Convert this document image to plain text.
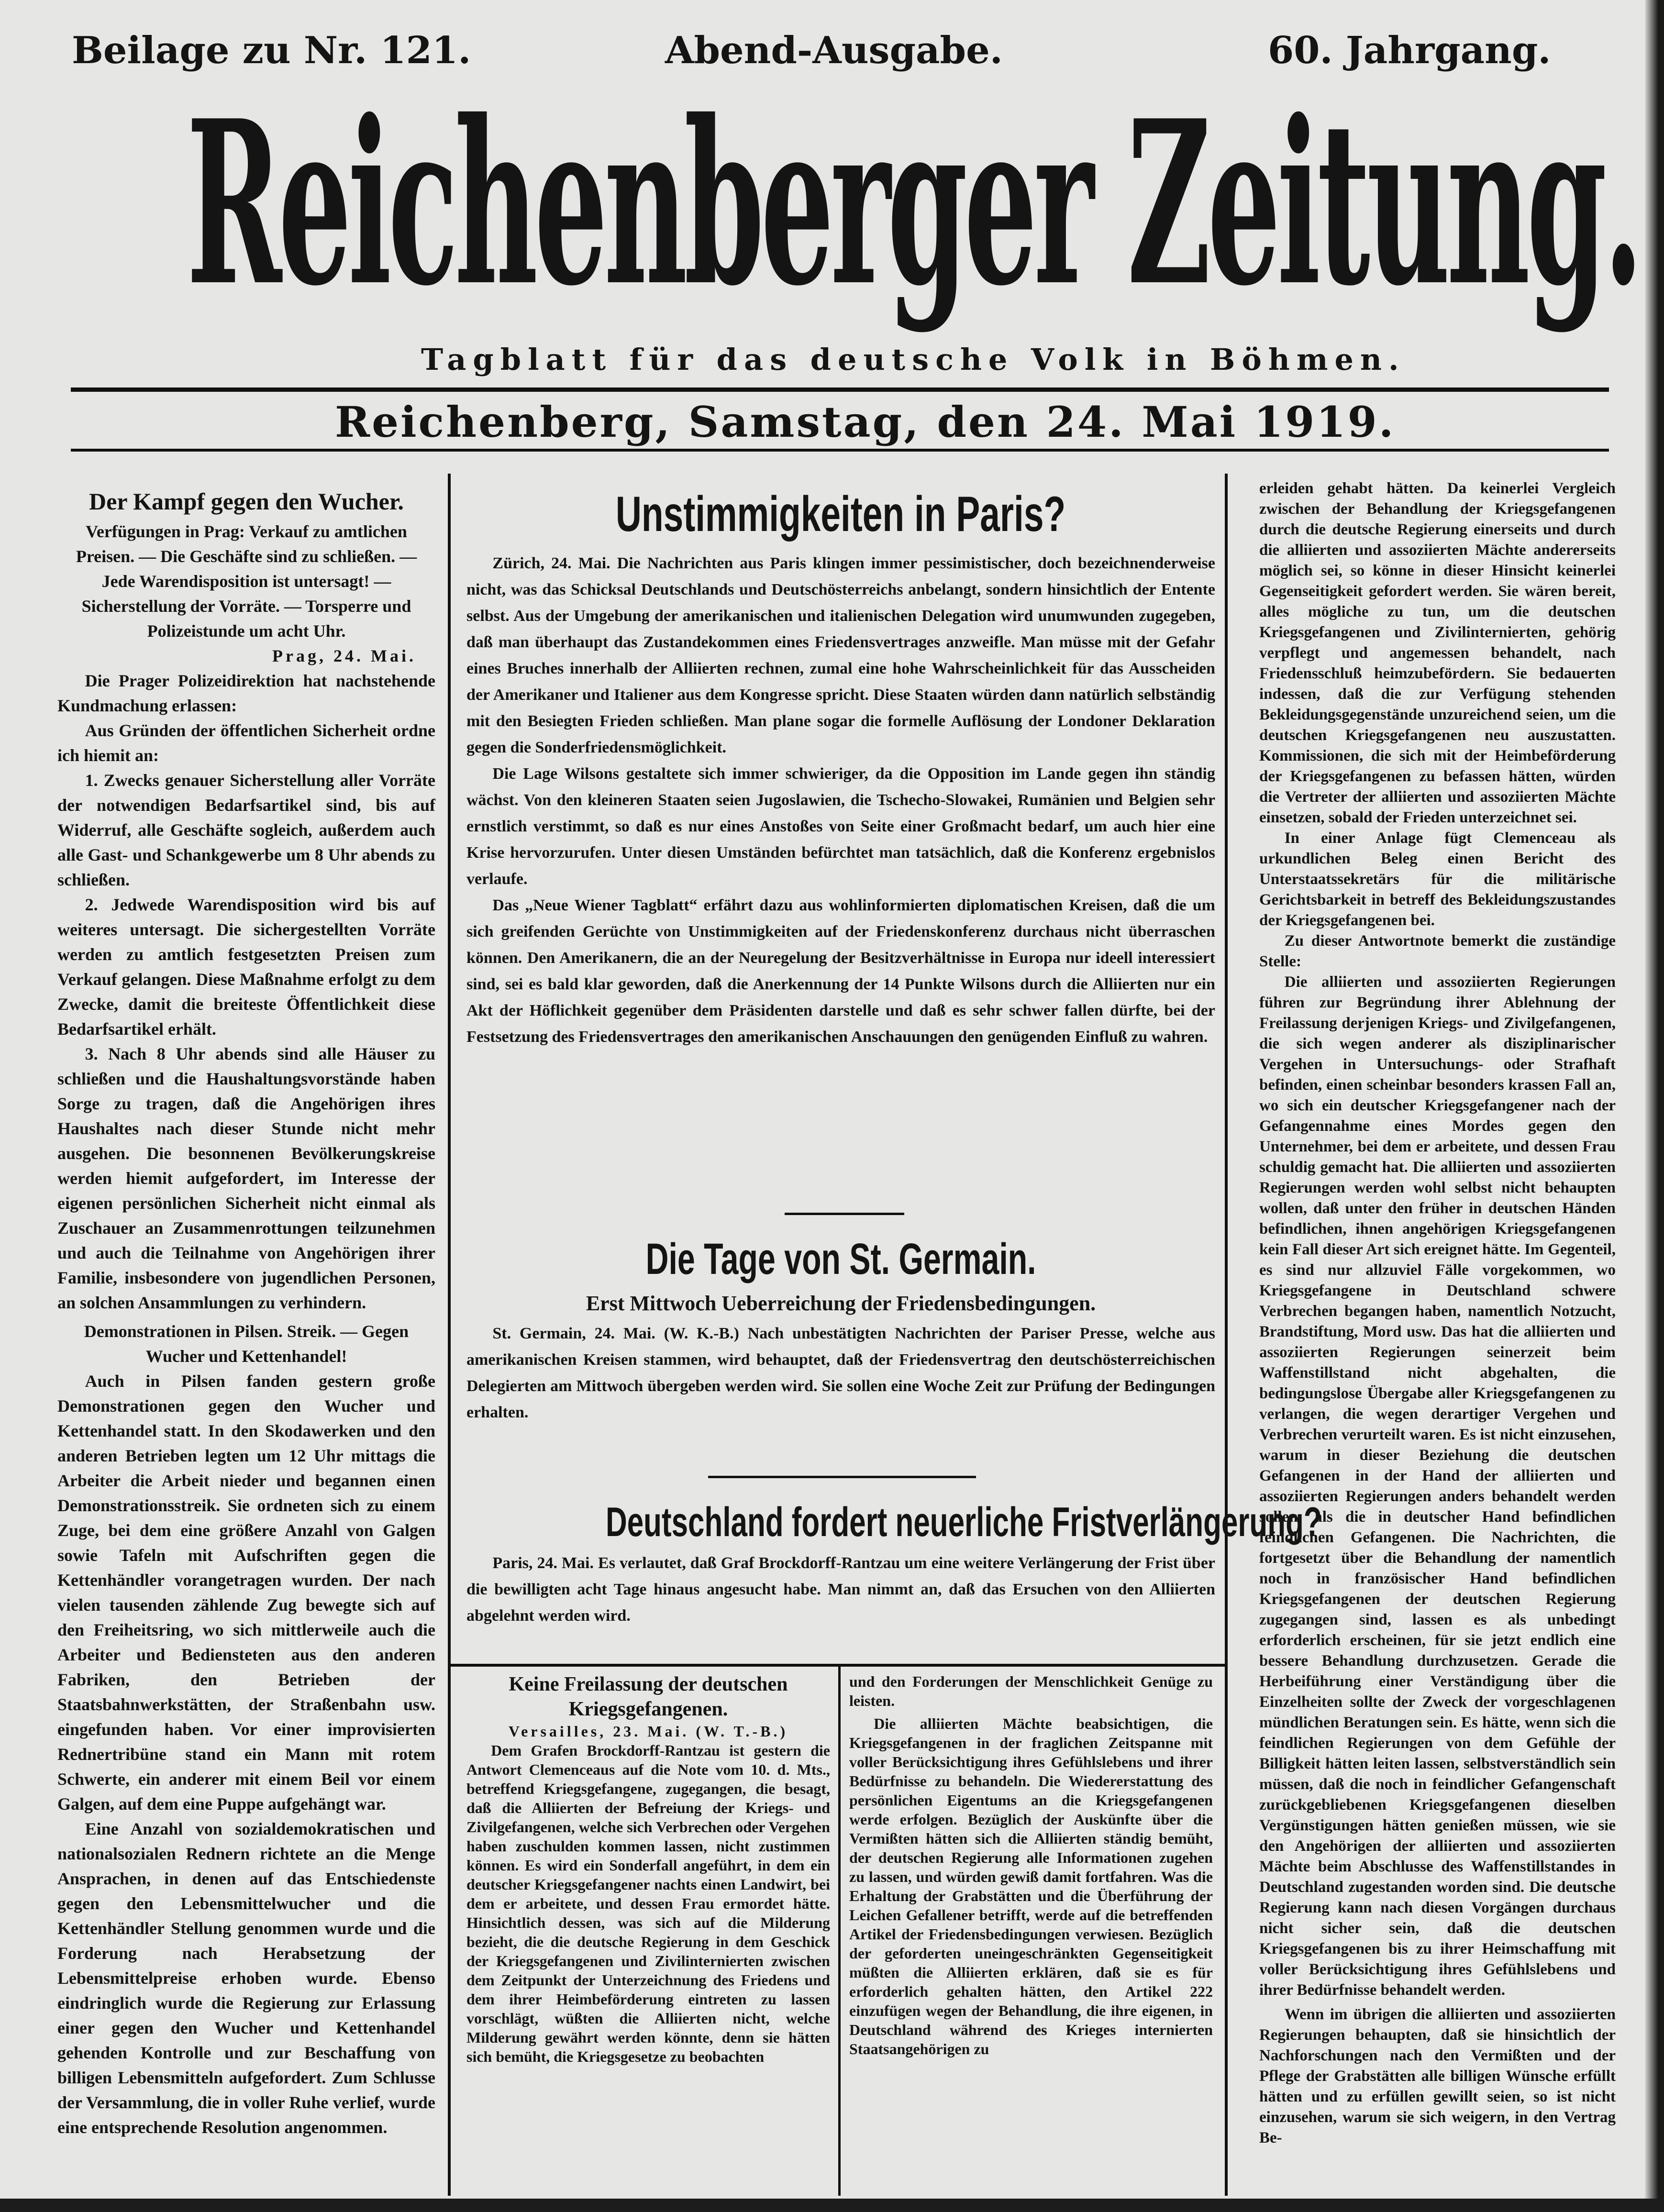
Beilage zu Nr. 121.	Abend-Ausgabe.	60. Jahrgang.
Reichenberger Zeitung.
Tagblatt für das deutsche Volk in Böhmen.
Reichenberg, Samstag, den 24. Mai 1919.

Der Kampf gegen den Wucher.

Verfügungen in Prag: Verkauf zu amtlichen Preisen. — Die Geschäfte sind zu schließen. — Jede Warendisposition ist untersagt! — Sicherstellung der Vorräte. — Torsperre und Polizeistunde um acht Uhr.

Prag, 24. Mai.

Die Prager Polizeidirektion hat nachstehende Kundmachung erlassen:

Aus Gründen der öffentlichen Sicherheit ordne ich hiemit an:

1. Zwecks genauer Sicherstellung aller Vorräte der notwendigen Bedarfsartikel sind, bis auf Widerruf, alle Geschäfte sogleich, außerdem auch alle Gast- und Schankgewerbe um 8 Uhr abends zu schließen.

2. Jedwede Warendisposition wird bis auf weiteres untersagt. Die sichergestellten Vorräte werden zu amtlich festgesetzten Preisen zum Verkauf gelangen. Diese Maßnahme erfolgt zu dem Zwecke, damit die breiteste Öffentlichkeit diese Bedarfsartikel erhält.

3. Nach 8 Uhr abends sind alle Häuser zu schließen und die Haushaltungsvorstände haben Sorge zu tragen, daß die Angehörigen ihres Haushaltes nach dieser Stunde nicht mehr ausgehen. Die besonnenen Bevölkerungskreise werden hiemit aufgefordert, im Interesse der eigenen persönlichen Sicherheit nicht einmal als Zuschauer an Zusammenrottungen teilzunehmen und auch die Teilnahme von Angehörigen ihrer Familie, insbesondere von jugendlichen Personen, an solchen Ansammlungen zu verhindern.

Demonstrationen in Pilsen. Streik. — Gegen Wucher und Kettenhandel!

Auch in Pilsen fanden gestern große Demonstrationen gegen den Wucher und Kettenhandel statt. In den Skodawerken und den anderen Betrieben legten um 12 Uhr mittags die Arbeiter die Arbeit nieder und begannen einen Demonstrationsstreik. Sie ordneten sich zu einem Zuge, bei dem eine größere Anzahl von Galgen sowie Tafeln mit Aufschriften gegen die Kettenhändler vorangetragen wurden. Der nach vielen tausenden zählende Zug bewegte sich auf den Freiheitsring, wo sich mittlerweile auch die Arbeiter und Bediensteten aus den anderen Fabriken, den Betrieben der Staatsbahnwerkstätten, der Straßenbahn usw. eingefunden haben. Vor einer improvisierten Rednertribüne stand ein Mann mit rotem Schwerte, ein anderer mit einem Beil vor einem Galgen, auf dem eine Puppe aufgehängt war.

Eine Anzahl von sozialdemokratischen und nationalsozialen Rednern richtete an die Menge Ansprachen, in denen auf das Entschiedenste gegen den Lebensmittelwucher und die Kettenhändler Stellung genommen wurde und die Forderung nach Herabsetzung der Lebensmittelpreise erhoben wurde. Ebenso eindringlich wurde die Regierung zur Erlassung einer gegen den Wucher und Kettenhandel gehenden Kontrolle und zur Beschaffung von billigen Lebensmitteln aufgefordert. Zum Schlusse der Versammlung, die in voller Ruhe verlief, wurde eine entsprechende Resolution angenommen.

Unstimmigkeiten in Paris?

Zürich, 24. Mai. Die Nachrichten aus Paris klingen immer pessimistischer, doch bezeichnenderweise nicht, was das Schicksal Deutschlands und Deutschösterreichs anbelangt, sondern hinsichtlich der Entente selbst. Aus der Umgebung der amerikanischen und italienischen Delegation wird unumwunden zugegeben, daß man überhaupt das Zustandekommen eines Friedensvertrages anzweifle. Man müsse mit der Gefahr eines Bruches innerhalb der Alliierten rechnen, zumal eine hohe Wahrscheinlichkeit für das Ausscheiden der Amerikaner und Italiener aus dem Kongresse spricht. Diese Staaten würden dann natürlich selbständig mit den Besiegten Frieden schließen. Man plane sogar die formelle Auflösung der Londoner Deklaration gegen die Sonderfriedensmöglichkeit.

Die Lage Wilsons gestaltete sich immer schwieriger, da die Opposition im Lande gegen ihn ständig wächst. Von den kleineren Staaten seien Jugoslawien, die Tschecho-Slowakei, Rumänien und Belgien sehr ernstlich verstimmt, so daß es nur eines Anstoßes von Seite einer Großmacht bedarf, um auch hier eine Krise hervorzurufen. Unter diesen Umständen befürchtet man tatsächlich, daß die Konferenz ergebnislos verlaufe.

Das „Neue Wiener Tagblatt“ erfährt dazu aus wohlinformierten diplomatischen Kreisen, daß die um sich greifenden Gerüchte von Unstimmigkeiten auf der Friedenskonferenz durchaus nicht überraschen können. Den Amerikanern, die an der Neuregelung der Besitzverhältnisse in Europa nur ideell interessiert sind, sei es bald klar geworden, daß die Anerkennung der 14 Punkte Wilsons durch die Alliierten nur ein Akt der Höflichkeit gegenüber dem Präsidenten darstelle und daß es sehr schwer fallen dürfte, bei der Festsetzung des Friedensvertrages den amerikanischen Anschauungen den genügenden Einfluß zu wahren.

Die Tage von St. Germain.

Erst Mittwoch Ueberreichung der Friedensbedingungen.

St. Germain, 24. Mai. (W. K.-B.) Nach unbestätigten Nachrichten der Pariser Presse, welche aus amerikanischen Kreisen stammen, wird behauptet, daß der Friedensvertrag den deutschösterreichischen Delegierten am Mittwoch übergeben werden wird. Sie sollen eine Woche Zeit zur Prüfung der Bedingungen erhalten.

Deutschland fordert neuerliche Fristverlängerung?

Paris, 24. Mai. Es verlautet, daß Graf Brockdorff-Rantzau um eine weitere Verlängerung der Frist über die bewilligten acht Tage hinaus angesucht habe. Man nimmt an, daß das Ersuchen von den Alliierten abgelehnt werden wird.

Keine Freilassung der deutschen Kriegsgefangenen.

Versailles, 23. Mai. (W. T.-B.)

Dem Grafen Brockdorff-Rantzau ist gestern die Antwort Clemenceaus auf die Note vom 10. d. Mts., betreffend Kriegsgefangene, zugegangen, die besagt, daß die Alliierten der Befreiung der Kriegs- und Zivilgefangenen, welche sich Verbrechen oder Vergehen haben zuschulden kommen lassen, nicht zustimmen können. Es wird ein Sonderfall angeführt, in dem ein deutscher Kriegsgefangener nachts einen Landwirt, bei dem er arbeitete, und dessen Frau ermordet hätte. Hinsichtlich dessen, was sich auf die Milderung bezieht, die die deutsche Regierung in dem Geschick der Kriegsgefangenen und Zivilinternierten zwischen dem Zeitpunkt der Unterzeichnung des Friedens und dem ihrer Heimbeförderung eintreten zu lassen vorschlägt, wüßten die Alliierten nicht, welche Milderung gewährt werden könnte, denn sie hätten sich bemüht, die Kriegsgesetze zu beobachten

und den Forderungen der Menschlichkeit Genüge zu leisten.

Die alliierten Mächte beabsichtigen, die Kriegsgefangenen in der fraglichen Zeitspanne mit voller Berücksichtigung ihres Gefühlslebens und ihrer Bedürfnisse zu behandeln. Die Wiedererstattung des persönlichen Eigentums an die Kriegsgefangenen werde erfolgen. Bezüglich der Auskünfte über die Vermißten hätten sich die Alliierten ständig bemüht, der deutschen Regierung alle Informationen zugehen zu lassen, und würden gewiß damit fortfahren. Was die Erhaltung der Grabstätten und die Überführung der Leichen Gefallener betrifft, werde auf die betreffenden Artikel der Friedensbedingungen verwiesen. Bezüglich der geforderten uneingeschränkten Gegenseitigkeit müßten die Alliierten erklären, daß sie es für erforderlich gehalten hätten, den Artikel 222 einzufügen wegen der Behandlung, die ihre eigenen, in Deutschland während des Krieges internierten Staatsangehörigen zu

erleiden gehabt hätten. Da keinerlei Vergleich zwischen der Behandlung der Kriegsgefangenen durch die deutsche Regierung einerseits und durch die alliierten und assoziierten Mächte andererseits möglich sei, so könne in dieser Hinsicht keinerlei Gegenseitigkeit gefordert werden. Sie wären bereit, alles mögliche zu tun, um die deutschen Kriegsgefangenen und Zivilinternierten, gehörig verpflegt und angemessen behandelt, nach Friedensschluß heimzubefördern. Sie bedauerten indessen, daß die zur Verfügung stehenden Bekleidungsgegenstände unzureichend seien, um die deutschen Kriegsgefangenen neu auszustatten. Kommissionen, die sich mit der Heimbeförderung der Kriegsgefangenen zu befassen hätten, würden die Vertreter der alliierten und assoziierten Mächte einsetzen, sobald der Frieden unterzeichnet sei.

In einer Anlage fügt Clemenceau als urkundlichen Beleg einen Bericht des Unterstaatssekretärs für die militärische Gerichtsbarkeit in betreff des Bekleidungszustandes der Kriegsgefangenen bei.

Zu dieser Antwortnote bemerkt die zuständige Stelle:

Die alliierten und assoziierten Regierungen führen zur Begründung ihrer Ablehnung der Freilassung derjenigen Kriegs- und Zivilgefangenen, die sich wegen anderer als disziplinarischer Vergehen in Untersuchungs- oder Strafhaft befinden, einen scheinbar besonders krassen Fall an, wo sich ein deutscher Kriegsgefangener nach der Gefangennahme eines Mordes gegen den Unternehmer, bei dem er arbeitete, und dessen Frau schuldig gemacht hat. Die alliierten und assoziierten Regierungen werden wohl selbst nicht behaupten wollen, daß unter den früher in deutschen Händen befindlichen, ihnen angehörigen Kriegsgefangenen kein Fall dieser Art sich ereignet hätte. Im Gegenteil, es sind nur allzuviel Fälle vorgekommen, wo Kriegsgefangene in Deutschland schwere Verbrechen begangen haben, namentlich Notzucht, Brandstiftung, Mord usw. Das hat die alliierten und assoziierten Regierungen seinerzeit beim Waffenstillstand nicht abgehalten, die bedingungslose Übergabe aller Kriegsgefangenen zu verlangen, die wegen derartiger Vergehen und Verbrechen verurteilt waren. Es ist nicht einzusehen, warum in dieser Beziehung die deutschen Gefangenen in der Hand der alliierten und assoziierten Regierungen anders behandelt werden sollen, als die in deutscher Hand befindlichen feindlichen Gefangenen. Die Nachrichten, die fortgesetzt über die Behandlung der namentlich noch in französischer Hand befindlichen Kriegsgefangenen der deutschen Regierung zugegangen sind, lassen es als unbedingt erforderlich erscheinen, für sie jetzt endlich eine bessere Behandlung durchzusetzen. Gerade die Herbeiführung einer Verständigung über die Einzelheiten sollte der Zweck der vorgeschlagenen mündlichen Beratungen sein. Es hätte, wenn sich die feindlichen Regierungen von dem Gefühle der Billigkeit hätten leiten lassen, selbstverständlich sein müssen, daß die noch in feindlicher Gefangenschaft zurückgebliebenen Kriegsgefangenen dieselben Vergünstigungen hätten genießen müssen, wie sie den Angehörigen der alliierten und assoziierten Mächte beim Abschlusse des Waffenstillstandes in Deutschland zugestanden worden sind. Die deutsche Regierung kann nach diesen Vorgängen durchaus nicht sicher sein, daß die deutschen Kriegsgefangenen bis zu ihrer Heimschaffung mit voller Berücksichtigung ihres Gefühlslebens und ihrer Bedürfnisse behandelt werden.

Wenn im übrigen die alliierten und assoziierten Regierungen behaupten, daß sie hinsichtlich der Nachforschungen nach den Vermißten und der Pflege der Grabstätten alle billigen Wünsche erfüllt hätten und zu erfüllen gewillt seien, so ist nicht einzusehen, warum sie sich weigern, in den Vertrag Be-
